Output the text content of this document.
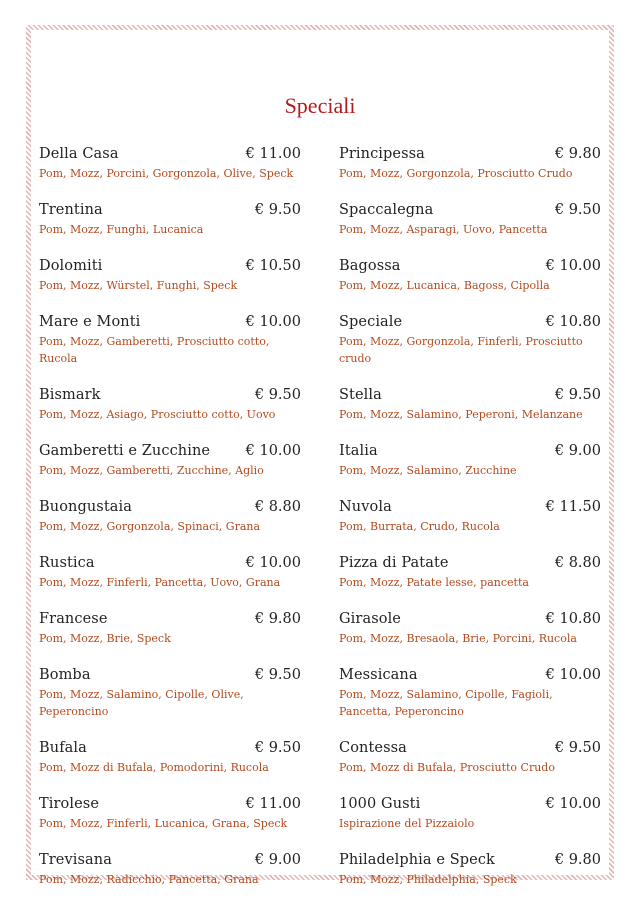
Speciali
Della Casa	€ 11.00
Pom, Mozz, Porcini, Gorgonzola, Olive, Speck
Trentina	€ 9.50
Pom, Mozz, Funghi, Lucanica
Dolomiti	€ 10.50
Pom, Mozz, Würstel, Funghi, Speck
Mare e Monti	€ 10.00
Pom, Mozz, Gamberetti, Prosciutto cotto, Rucola
Bismark	€ 9.50
Pom, Mozz, Asiago, Prosciutto cotto, Uovo
Gamberetti e Zucchine € 10.00
Pom, Mozz, Gamberetti, Zucchine, Aglio
Buongustaia	€ 8.80
Pom, Mozz, Gorgonzola, Spinaci, Grana
Rustica	€ 10.00
Pom, Mozz, Finferli, Pancetta, Uovo, Grana
Francese	€ 9.80
Pom, Mozz, Brie, Speck
Bomba	€ 9.50
Pom, Mozz, Salamino, Cipolle, Olive, Peperoncino
Bufala	€ 9.50
Pom, Mozz di Bufala, Pomodorini, Rucola
Tirolese	€ 11.00
Pom, Mozz, Finferli, Lucanica, Grana, Speck
Trevisana	€ 9.00
Pom, Mozz, Radicchio, Pancetta, Grana
Principessa	€ 9.80
Pom, Mozz, Gorgonzola, Prosciutto Crudo
Spaccalegna	€ 9.50
Pom, Mozz, Asparagi, Uovo, Pancetta
Bagossa	€ 10.00
Pom, Mozz, Lucanica, Bagoss, Cipolla
Speciale	€ 10.80
Pom, Mozz, Gorgonzola, Finferli, Prosciutto crudo
Stella	€ 9.50
Pom, Mozz, Salamino, Peperoni, Melanzane
Italia	€ 9.00
Pom, Mozz, Salamino, Zucchine
Nuvola	€ 11.50
Pom, Burrata, Crudo, Rucola
Pizza di Patate	€ 8.80
Pom, Mozz, Patate lesse, pancetta
Girasole	€ 10.80
Pom, Mozz, Bresaola, Brie, Porcini, Rucola
Messicana	€ 10.00
Pom, Mozz, Salamino, Cipolle, Fagioli, Pancetta, Peperoncino
Contessa	€ 9.50
Pom, Mozz di Bufala, Prosciutto Crudo
1000 Gusti	€ 10.00
Ispirazione del Pizzaiolo
Philadelphia e Speck	€ 9.80
Pom, Mozz, Philadelphia, Speck
